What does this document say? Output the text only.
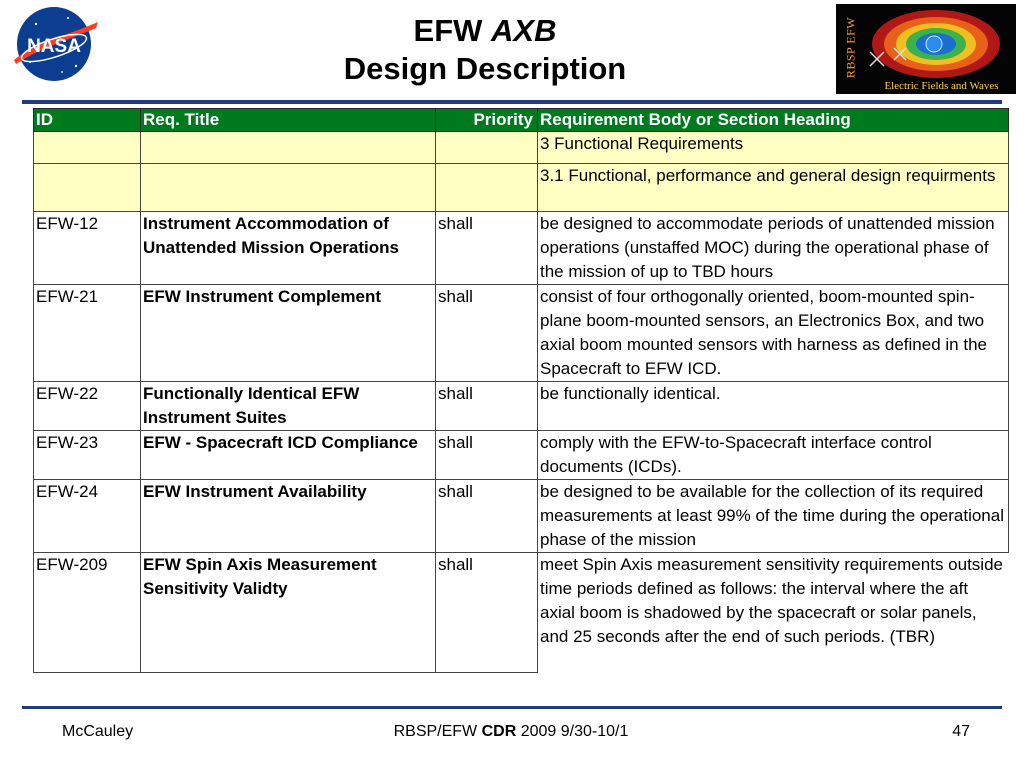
NASA	EFW AXB
Design Description	RBSP EFW
Electric Fields and Waves
ID	Req. Title	Priority	Requirement Body or Section Heading
			3 Functional Requirements
			3.1 Functional, performance and general design requirments
EFW-12	Instrument Accommodation of Unattended Mission Operations	shall	be designed to accommodate periods of unattended mission operations (unstaffed MOC) during the operational phase of the mission of up to TBD hours
EFW-21	EFW Instrument Complement	shall	consist of four orthogonally oriented, boom-mounted spin-plane boom-mounted sensors, an Electronics Box, and two axial boom mounted sensors with harness as defined in the Spacecraft to EFW ICD.
EFW-22	Functionally Identical EFW Instrument Suites	shall	be functionally identical.
EFW-23	EFW - Spacecraft ICD Compliance	shall	comply with the EFW-to-Spacecraft interface control documents (ICDs).
EFW-24	EFW Instrument Availability	shall	be designed to be available for the collection of its required measurements at least 99% of the time during the operational phase of the mission
EFW-209	EFW Spin Axis Measurement Sensitivity Validty	shall	meet Spin Axis measurement sensitivity requirements outside time periods defined as follows: the interval where the aft axial boom is shadowed by the spacecraft or solar panels, and 25 seconds after the end of such periods. (TBR)
McCauley	RBSP/EFW CDR 2009 9/30-10/1	47
